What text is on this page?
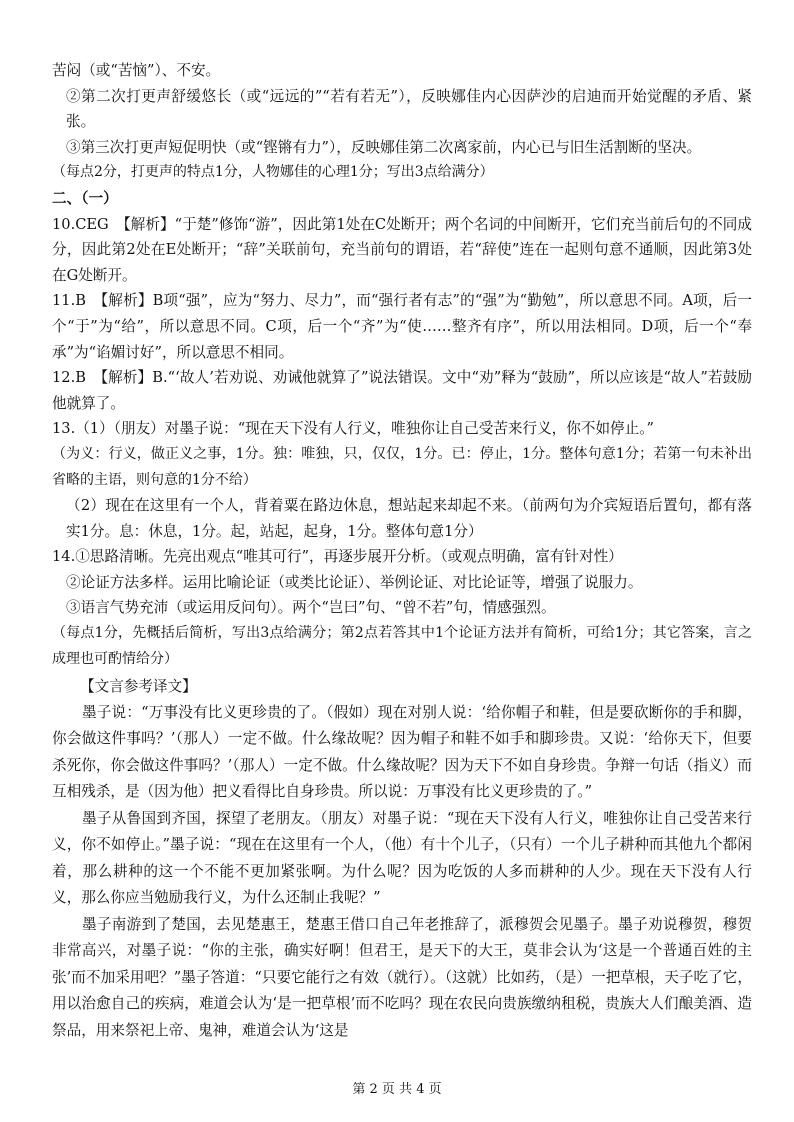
苦闷（或“苦恼”）、不安。

②第二次打更声舒缓悠长（或“远远的”“若有若无”），反映娜佳内心因萨沙的启迪而开始觉醒的矛盾、紧张。

③第三次打更声短促明快（或“铿锵有力”），反映娜佳第二次离家前，内心已与旧生活割断的坚决。

（每点2分，打更声的特点1分，人物娜佳的心理1分；写出3点给满分）

二、（一）

10.CEG　【解析】“于楚”修饰“游”，因此第1处在C处断开；两个名词的中间断开，它们充当前后句的不同成分，因此第2处在E处断开；“辞”关联前句，充当前句的谓语，若“辞使”连在一起则句意不通顺，因此第3处在G处断开。

11.B　【解析】B项“强”，应为“努力、尽力”，而“强行者有志”的“强”为“勤勉”，所以意思不同。A项，后一个“于”为“给”，所以意思不同。C项，后一个“齐”为“使……整齐有序”，所以用法相同。D项，后一个“奉承”为“谄媚讨好”，所以意思不相同。

12.B　【解析】B.“‘故人’若劝说、劝诫他就算了”说法错误。文中“劝”释为“鼓励”，所以应该是“故人”若鼓励他就算了。

13.（1）（朋友）对墨子说：“现在天下没有人行义，唯独你让自己受苦来行义，你不如停止。”

（为义：行义，做正义之事，1分。独：唯独，只，仅仅，1分。已：停止，1分。整体句意1分；若第一句未补出省略的主语，则句意的1分不给）

（2）现在在这里有一个人，背着粟在路边休息，想站起来却起不来。（前两句为介宾短语后置句，都有落实1分。息：休息，1分。起，站起，起身，1分。整体句意1分）

14.①思路清晰。先亮出观点“唯其可行”，再逐步展开分析。（或观点明确，富有针对性）

②论证方法多样。运用比喻论证（或类比论证）、举例论证、对比论证等，增强了说服力。

③语言气势充沛（或运用反问句）。两个“岂曰”句、“曾不若”句，情感强烈。

（每点1分，先概括后简析，写出3点给满分；第2点若答其中1个论证方法并有简析，可给1分；其它答案，言之成理也可酌情给分）

【文言参考译文】

墨子说：“万事没有比义更珍贵的了。（假如）现在对别人说：‘给你帽子和鞋，但是要砍断你的手和脚，你会做这件事吗？’（那人）一定不做。什么缘故呢？因为帽子和鞋不如手和脚珍贵。又说：‘给你天下，但要杀死你，你会做这件事吗？’（那人）一定不做。什么缘故呢？因为天下不如自身珍贵。争辩一句话（指义）而互相残杀，是（因为他）把义看得比自身珍贵。所以说：万事没有比义更珍贵的了。”

墨子从鲁国到齐国，探望了老朋友。（朋友）对墨子说：“现在天下没有人行义，唯独你让自己受苦来行义，你不如停止。”墨子说：“现在在这里有一个人，（他）有十个儿子，（只有）一个儿子耕种而其他九个都闲着，那么耕种的这一个不能不更加紧张啊。为什么呢？因为吃饭的人多而耕种的人少。现在天下没有人行义，那么你应当勉励我行义，为什么还制止我呢？”

墨子南游到了楚国，去见楚惠王，楚惠王借口自己年老推辞了，派穆贺会见墨子。墨子劝说穆贺，穆贺非常高兴，对墨子说：“你的主张，确实好啊！但君王，是天下的大王，莫非会认为‘这是一个普通百姓的主张’而不加采用吧？”墨子答道：“只要它能行之有效（就行）。（这就）比如药，（是）一把草根，天子吃了它，用以治愈自己的疾病，难道会认为‘是一把草根’而不吃吗？现在农民向贵族缴纳租税，贵族大人们酿美酒、造祭品，用来祭祀上帝、鬼神，难道会认为‘这是

第 2 页 共 4 页
